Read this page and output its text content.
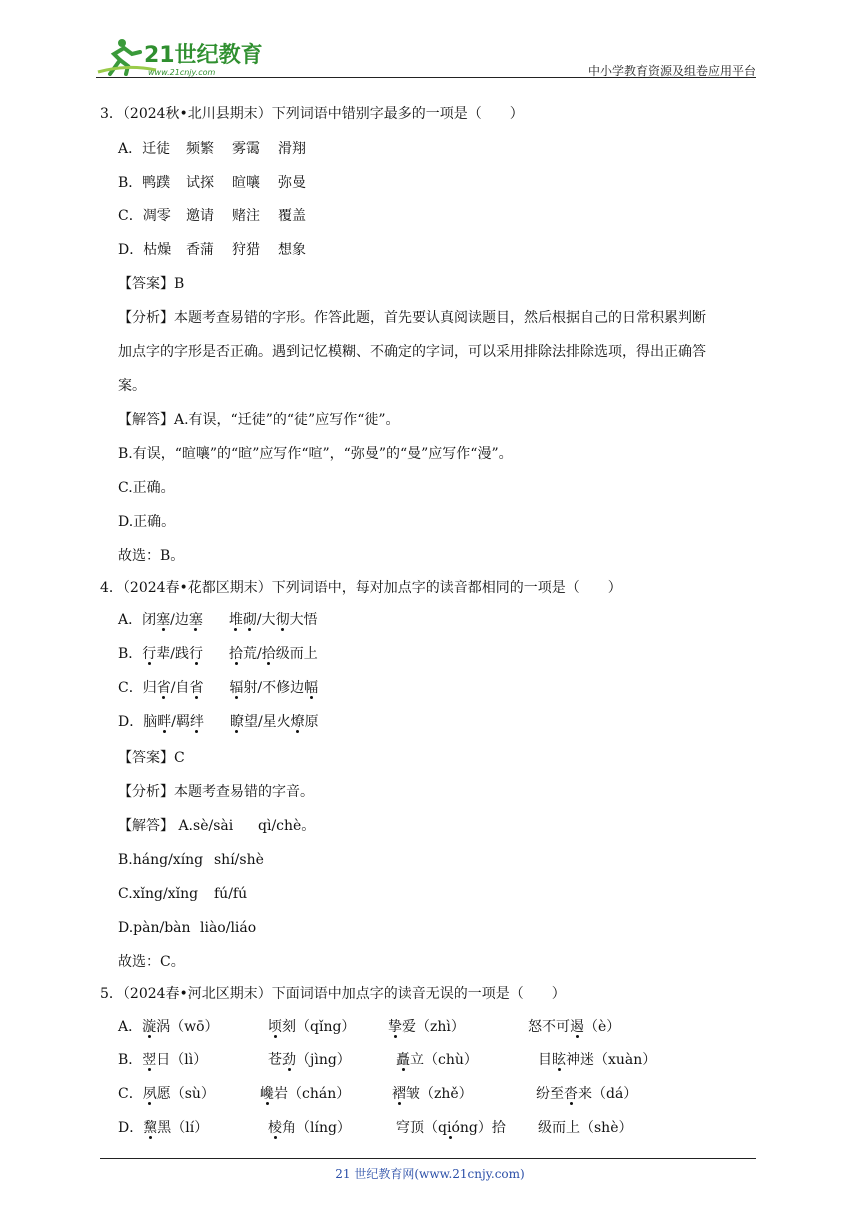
21世纪教育
www.21cnjy.com	中小学教育资源及组卷应用平台
3．（2024秋•北川县期末）下列词语中错别字最多的一项是（　　）
A．迁徒 频繁 雾霭 滑翔
B．鸭蹼 试探 暄嚷 弥曼
C．凋零 邀请 赌注 覆盖
D．枯燥 香蒲 狩猎 想象
【答案】B
【分析】本题考查易错的字形。作答此题，首先要认真阅读题目，然后根据自己的日常积累判断
加点字的字形是否正确。遇到记忆模糊、不确定的字词，可以采用排除法排除选项，得出正确答
案。
【解答】A.有误，“迁徒”的“徒”应写作“徙”。
B.有误，“暄嚷”的“暄”应写作“喧”，“弥曼”的“曼”应写作“漫”。
C.正确。
D.正确。
故选：B。
4．（2024春•花都区期末）下列词语中，每对加点字的读音都相同的一项是（　　）
A．闭塞/边塞 堆砌/大彻大悟
B．行辈/践行 拾荒/拾级而上
C．归省/自省 辐射/不修边幅
D．脑畔/羁绊 瞭望/星火燎原
【答案】C
【分析】本题考查易错的字音。
【解答】 A.sè/sài qì/chè。
B.háng/xíng shí/shè
C.xǐng/xǐng fú/fú
D.pàn/bàn liào/liáo
故选：C。
5．（2024春•河北区期末）下面词语中加点字的读音无误的一项是（　　）
A．漩涡（wō）	顷刻（qǐng） 挚爱（zhì）	怒不可遏（è）
B．翌日（lì）	苍劲（jìng）	矗立（chù）	目眩神迷（xuàn）
C．夙愿（sù）	巉岩（chán）	褶皱（zhě）	纷至沓来（dá）
D．黧黑（lí）	棱角（líng）	穹顶（qióng）拾 级而上（shè）
21 世纪教育网(www.21cnjy.com)
